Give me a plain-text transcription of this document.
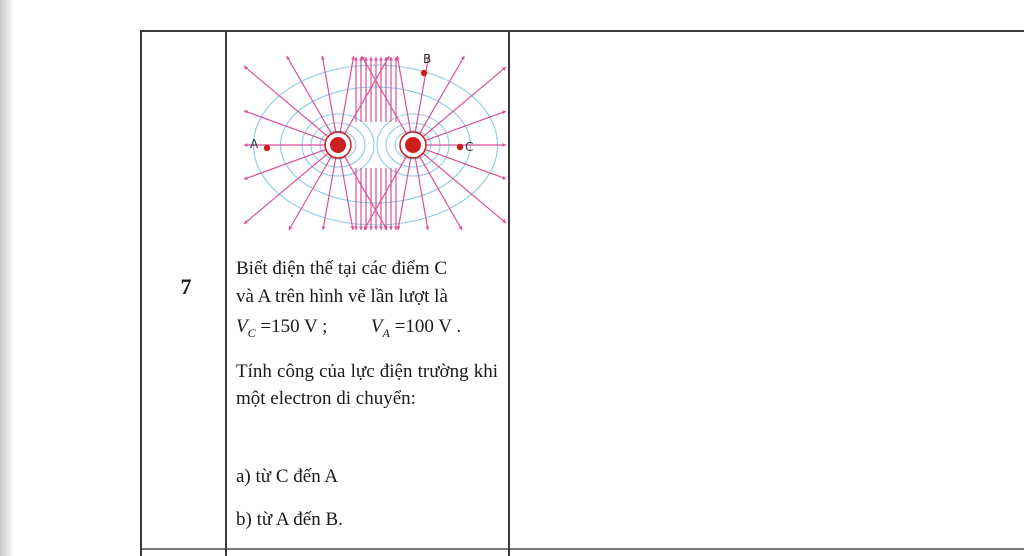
7
A
B
C
Biết điện thế tại các điểm C
và A trên hình vẽ lần lượt là
$V_C =150$ V ; $V_A =100$ V .
Tính công của lực điện trường khi một electron di chuyển:
a) từ C đến A
b) từ A đến B.
